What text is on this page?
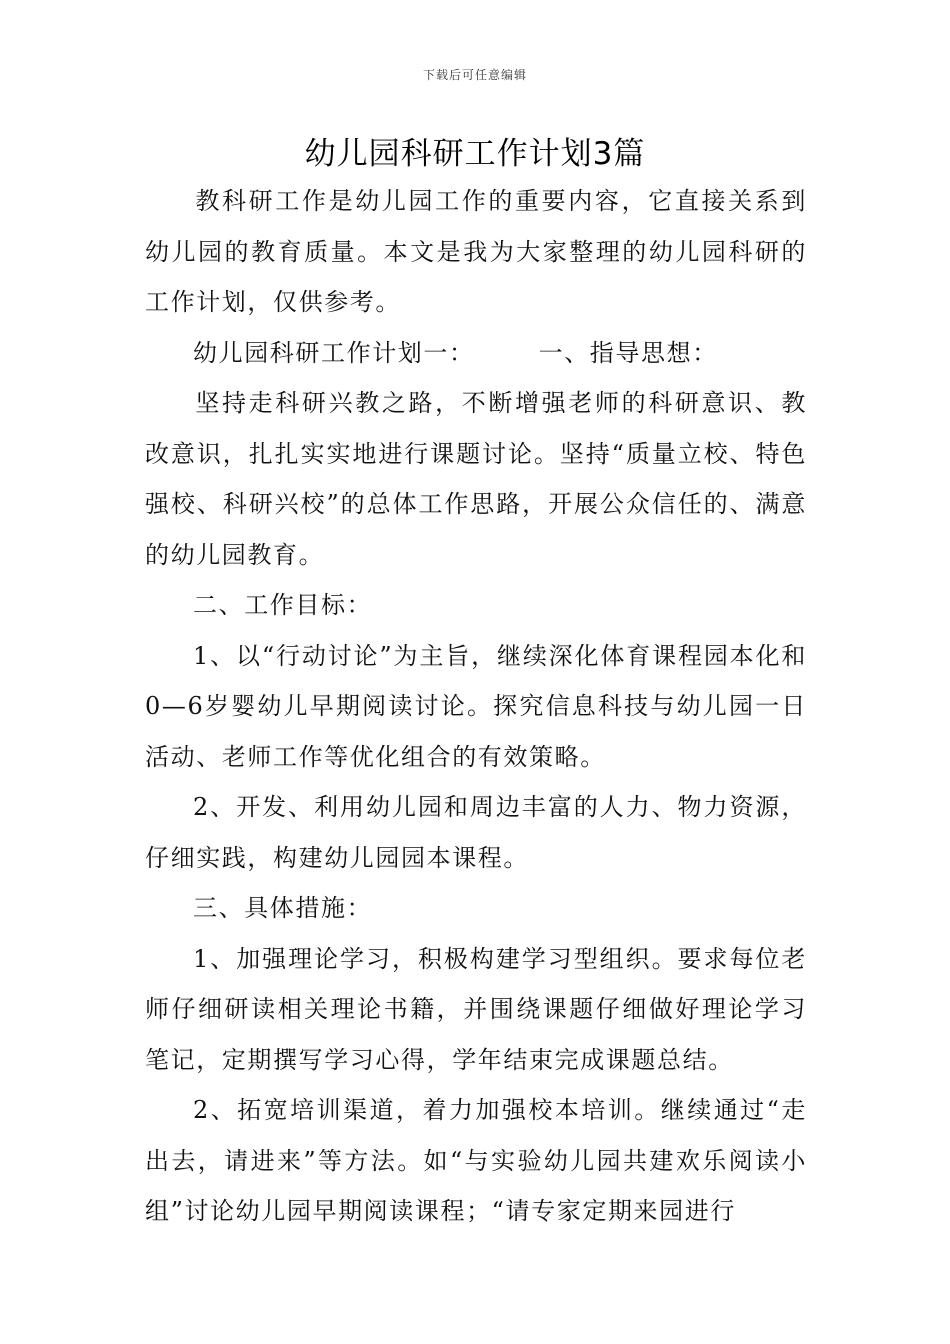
下载后可任意编辑
幼儿园科研工作计划3篇

教科研工作是幼儿园工作的重要内容，它直接关系到幼儿园的教育质量。本文是我为大家整理的幼儿园科研的工作计划，仅供参考。

幼儿园科研工作计划一：	一、指导思想：

坚持走科研兴教之路，不断增强老师的科研意识、教改意识，扎扎实实地进行课题讨论。坚持“质量立校、特色强校、科研兴校”的总体工作思路，开展公众信任的、满意的幼儿园教育。

二、工作目标：

1、以“行动讨论”为主旨，继续深化体育课程园本化和0—6岁婴幼儿早期阅读讨论。探究信息科技与幼儿园一日活动、老师工作等优化组合的有效策略。

2、开发、利用幼儿园和周边丰富的人力、物力资源，仔细实践，构建幼儿园园本课程。

三、具体措施：

1、加强理论学习，积极构建学习型组织。要求每位老师仔细研读相关理论书籍，并围绕课题仔细做好理论学习笔记，定期撰写学习心得，学年结束完成课题总结。

2、拓宽培训渠道，着力加强校本培训。继续通过“走出去，请进来”等方法。如“与实验幼儿园共建欢乐阅读小组”讨论幼儿园早期阅读课程；“请专家定期来园进行
